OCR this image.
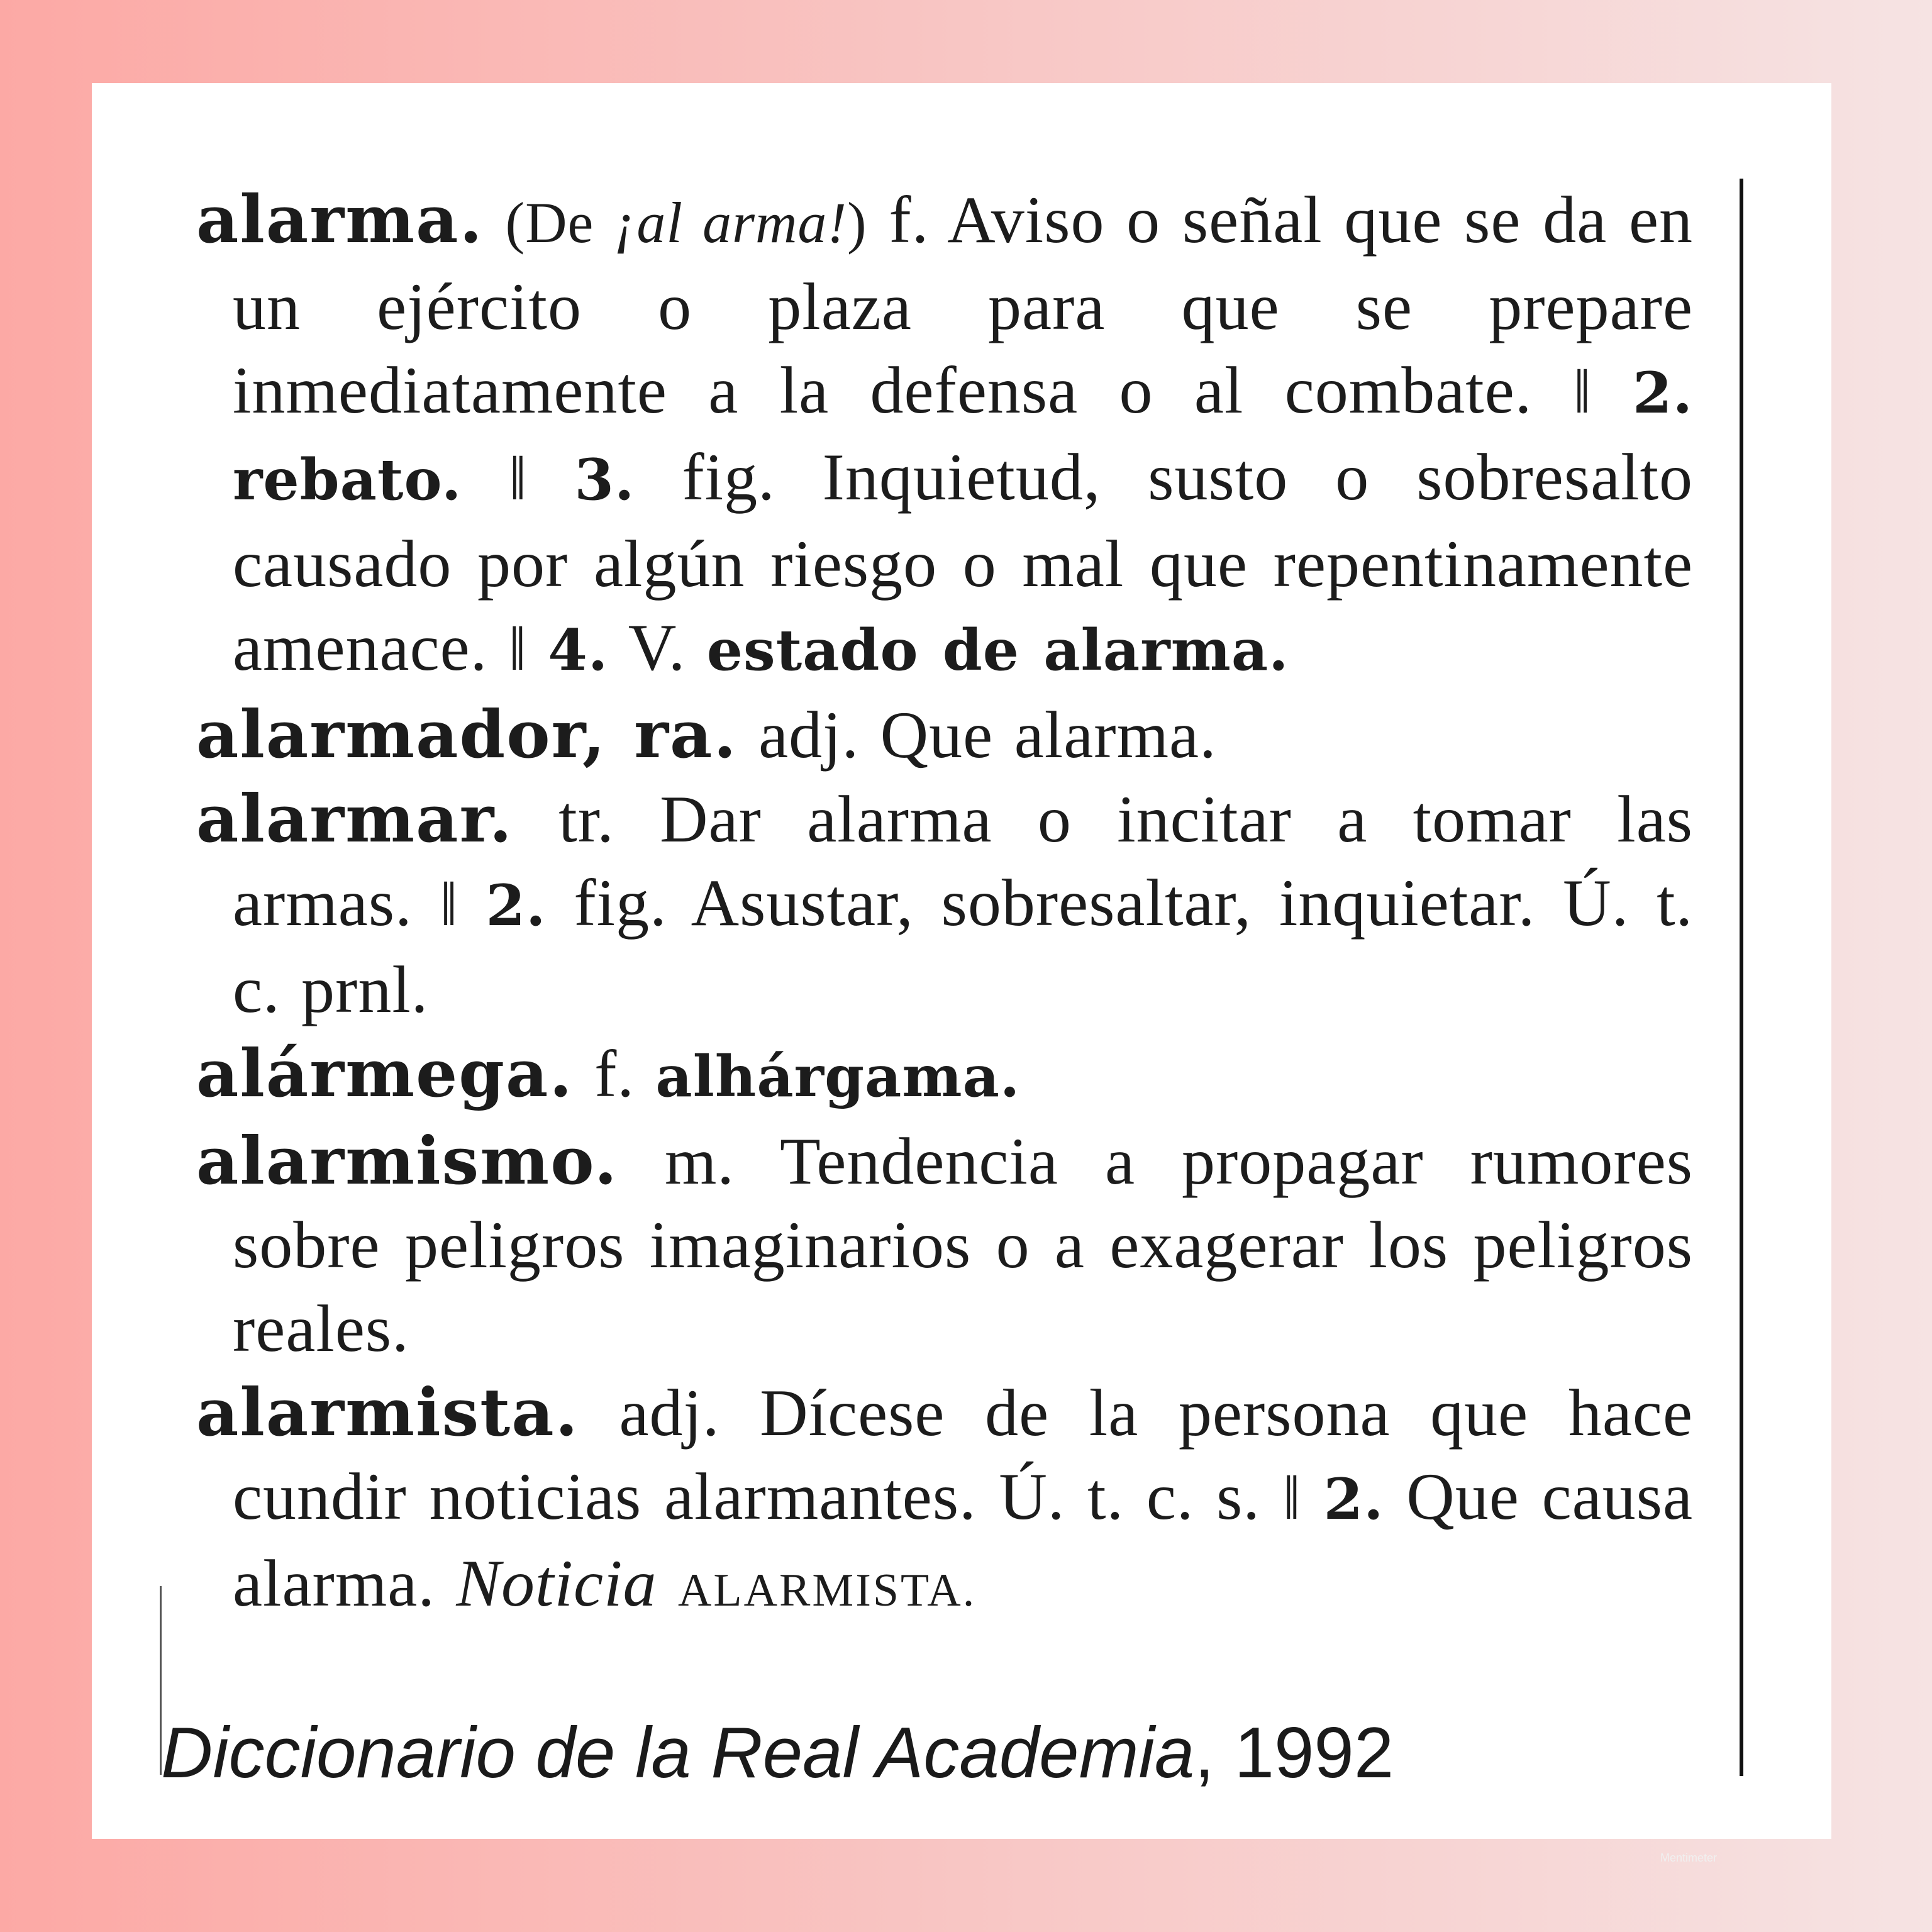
alarma. (De ¡al arma!) f. Aviso o señal que se da en un ejército o plaza para que se prepare inmediatamente a la defensa o al combate. ‖ 2. rebato. ‖ 3. fig. Inquietud, susto o sobresalto causado por algún riesgo o mal que repentinamente amenace. ‖ 4. V. estado de alarma.

alarmador, ra. adj. Que alarma.

alarmar. tr. Dar alarma o incitar a tomar las armas. ‖ 2. fig. Asustar, sobresaltar, inquietar. Ú. t. c. prnl.

alármega. f. alhárgama.

alarmismo. m. Tendencia a propagar rumores sobre peligros imaginarios o a exagerar los peligros reales.

alarmista. adj. Dícese de la persona que hace cundir noticias alarmantes. Ú. t. c. s. ‖ 2. Que causa alarma. Noticia ALARMISTA.

Diccionario de la Real Academia, 1992
Mentimeter
